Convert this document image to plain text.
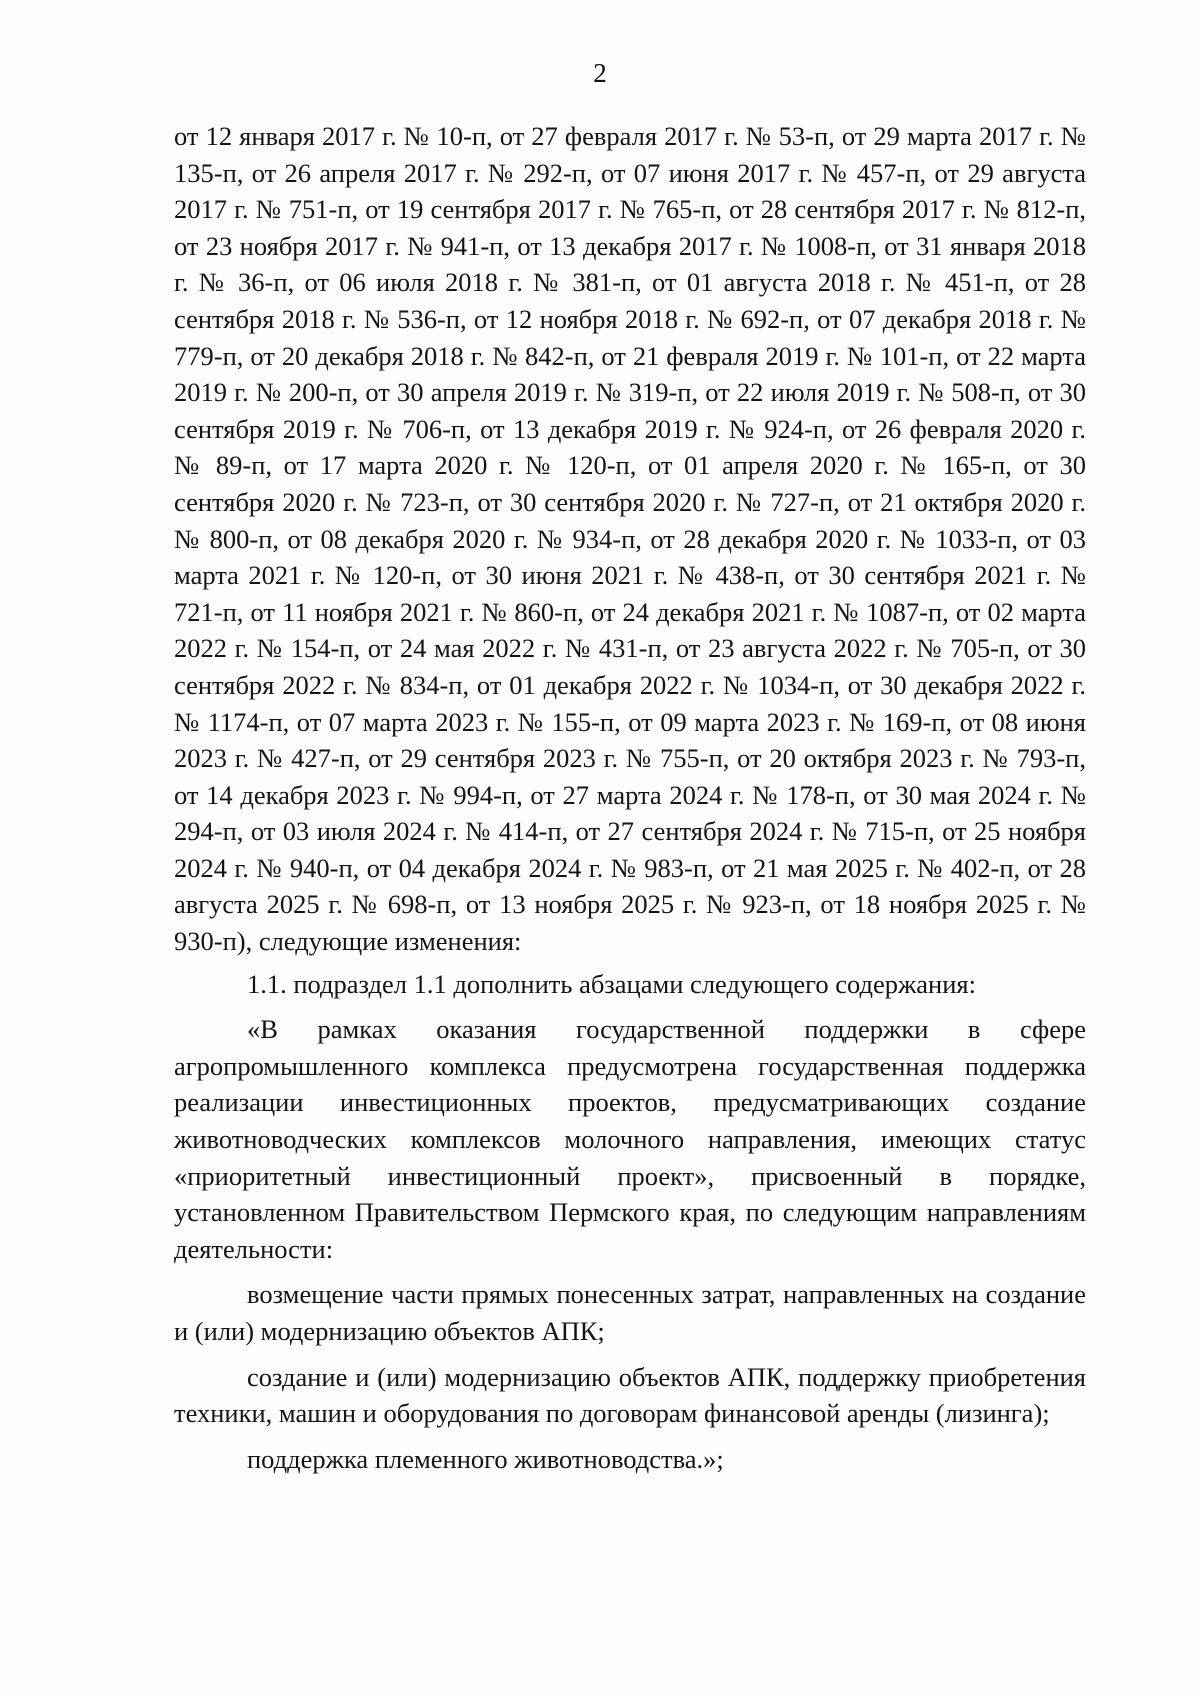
2

от 12 января 2017 г. № 10-п, от 27 февраля 2017 г. № 53-п, от 29 марта 2017 г. № 135-п, от 26 апреля 2017 г. № 292-п, от 07 июня 2017 г. № 457-п, от 29 августа 2017 г. № 751-п, от 19 сентября 2017 г. № 765-п, от 28 сентября 2017 г. № 812-п, от 23 ноября 2017 г. № 941-п, от 13 декабря 2017 г. № 1008-п, от 31 января 2018 г. № 36-п, от 06 июля 2018 г. № 381-п, от 01 августа 2018 г. № 451-п, от 28 сентября 2018 г. № 536-п, от 12 ноября 2018 г. № 692-п, от 07 декабря 2018 г. № 779-п, от 20 декабря 2018 г. № 842-п, от 21 февраля 2019 г. № 101-п, от 22 марта 2019 г. № 200-п, от 30 апреля 2019 г. № 319-п, от 22 июля 2019 г. № 508-п, от 30 сентября 2019 г. № 706-п, от 13 декабря 2019 г. № 924-п, от 26 февраля 2020 г. № 89-п, от 17 марта 2020 г. № 120-п, от 01 апреля 2020 г. № 165-п, от 30 сентября 2020 г. № 723-п, от 30 сентября 2020 г. № 727-п, от 21 октября 2020 г. № 800-п, от 08 декабря 2020 г. № 934-п, от 28 декабря 2020 г. № 1033-п, от 03 марта 2021 г. № 120-п, от 30 июня 2021 г. № 438-п, от 30 сентября 2021 г. № 721-п, от 11 ноября 2021 г. № 860-п, от 24 декабря 2021 г. № 1087-п, от 02 марта 2022 г. № 154-п, от 24 мая 2022 г. № 431-п, от 23 августа 2022 г. № 705-п, от 30 сентября 2022 г. № 834-п, от 01 декабря 2022 г. № 1034-п, от 30 декабря 2022 г. № 1174-п, от 07 марта 2023 г. № 155-п, от 09 марта 2023 г. № 169-п, от 08 июня 2023 г. № 427-п, от 29 сентября 2023 г. № 755-п, от 20 октября 2023 г. № 793-п, от 14 декабря 2023 г. № 994-п, от 27 марта 2024 г. № 178-п, от 30 мая 2024 г. № 294-п, от 03 июля 2024 г. № 414-п, от 27 сентября 2024 г. № 715-п, от 25 ноября 2024 г. № 940-п, от 04 декабря 2024 г. № 983-п, от 21 мая 2025 г. № 402-п, от 28 августа 2025 г. № 698-п, от 13 ноября 2025 г. № 923-п, от 18 ноября 2025 г. № 930-п), следующие изменения:

1.1. подраздел 1.1 дополнить абзацами следующего содержания:

«В рамках оказания государственной поддержки в сфере агропромышленного комплекса предусмотрена государственная поддержка реализации инвестиционных проектов, предусматривающих создание животноводческих комплексов молочного направления, имеющих статус «приоритетный инвестиционный проект», присвоенный в порядке, установленном Правительством Пермского края, по следующим направлениям деятельности:

возмещение части прямых понесенных затрат, направленных на создание и (или) модернизацию объектов АПК;

создание и (или) модернизацию объектов АПК, поддержку приобретения техники, машин и оборудования по договорам финансовой аренды (лизинга);

поддержка племенного животноводства.»;
